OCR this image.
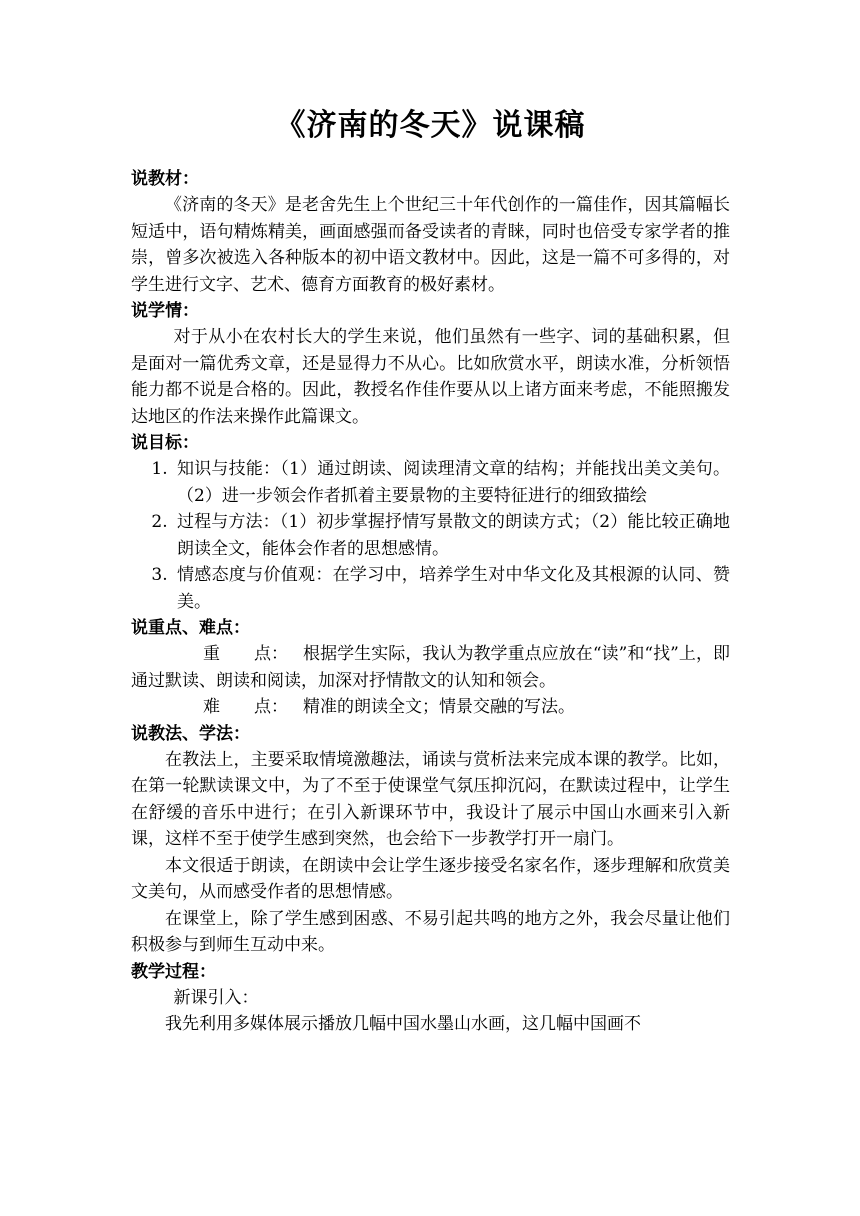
《济南的冬天》说课稿

说教材：

《济南的冬天》是老舍先生上个世纪三十年代创作的一篇佳作，因其篇幅长短适中，语句精炼精美，画面感强而备受读者的青睐，同时也倍受专家学者的推崇，曾多次被选入各种版本的初中语文教材中。因此，这是一篇不可多得的，对学生进行文字、艺术、德育方面教育的极好素材。

说学情：

对于从小在农村长大的学生来说，他们虽然有一些字、词的基础积累，但是面对一篇优秀文章，还是显得力不从心。比如欣赏水平，朗读水准，分析领悟能力都不说是合格的。因此，教授名作佳作要从以上诸方面来考虑，不能照搬发达地区的作法来操作此篇课文。

说目标：

1. 知识与技能：（1）通过朗读、阅读理清文章的结构；并能找出美文美句。（2）进一步领会作者抓着主要景物的主要特征进行的细致描绘
2. 过程与方法：（1）初步掌握抒情写景散文的朗读方式；（2）能比较正确地朗读全文，能体会作者的思想感情。
3. 情感态度与价值观：在学习中，培养学生对中华文化及其根源的认同、赞美。

说重点、难点：

重　　点： 根据学生实际，我认为教学重点应放在“读”和“找”上，即通过默读、朗读和阅读，加深对抒情散文的认知和领会。

难　　点： 精准的朗读全文；情景交融的写法。

说教法、学法：

在教法上，主要采取情境激趣法，诵读与赏析法来完成本课的教学。比如，在第一轮默读课文中，为了不至于使课堂气氛压抑沉闷，在默读过程中，让学生在舒缓的音乐中进行；在引入新课环节中，我设计了展示中国山水画来引入新课，这样不至于使学生感到突然，也会给下一步教学打开一扇门。

本文很适于朗读，在朗读中会让学生逐步接受名家名作，逐步理解和欣赏美文美句，从而感受作者的思想情感。

在课堂上，除了学生感到困惑、不易引起共鸣的地方之外，我会尽量让他们积极参与到师生互动中来。

教学过程：

新课引入：

我先利用多媒体展示播放几幅中国水墨山水画，这几幅中国画不
